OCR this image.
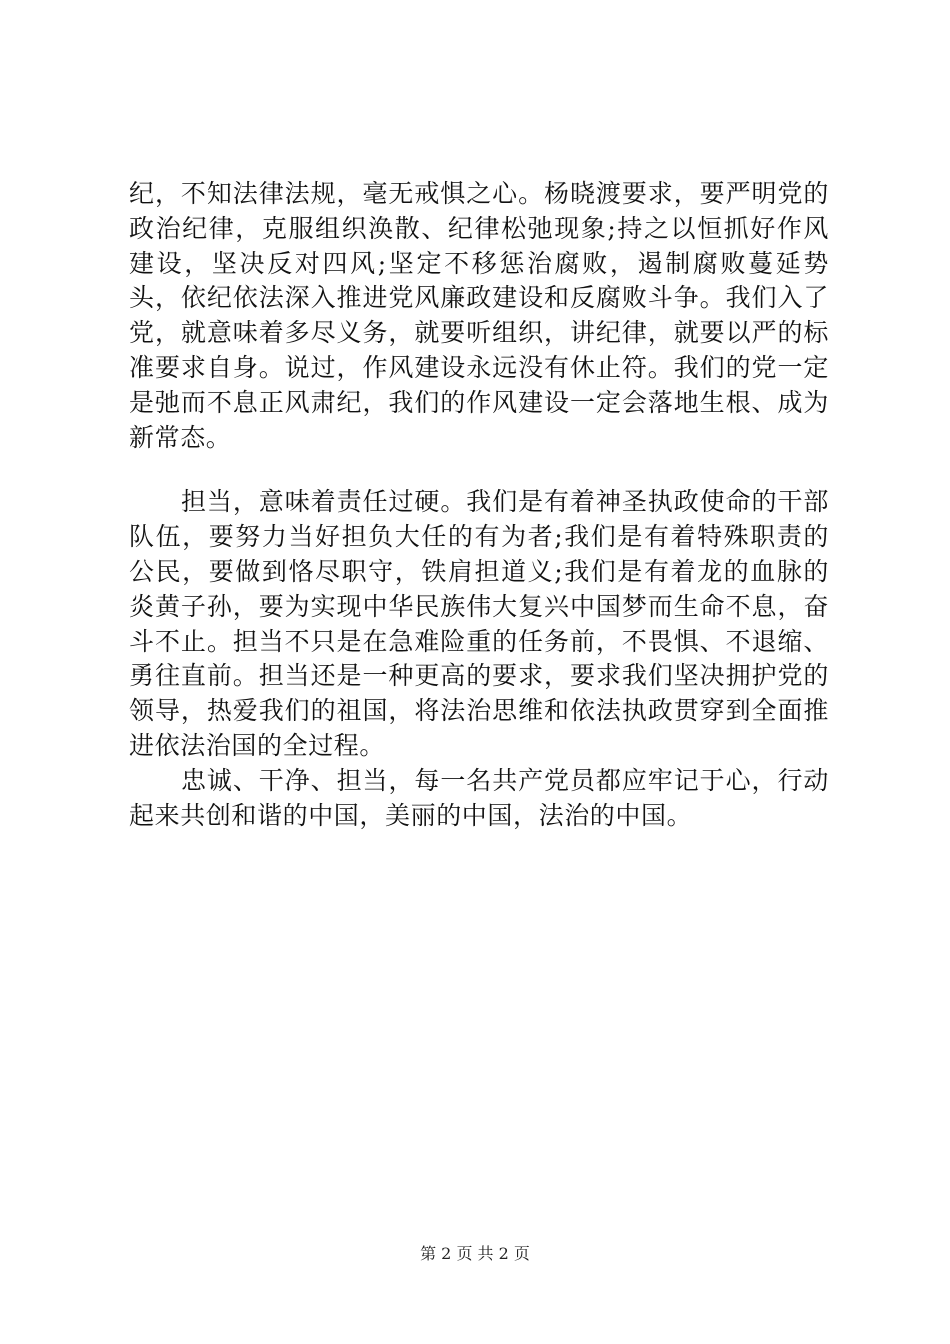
纪，不知法律法规，毫无戒惧之心。杨晓渡要求，要严明党的政治纪律，克服组织涣散、纪律松弛现象;持之以恒抓好作风建设，坚决反对四风;坚定不移惩治腐败，遏制腐败蔓延势头，依纪依法深入推进党风廉政建设和反腐败斗争。我们入了党，就意味着多尽义务，就要听组织，讲纪律，就要以严的标准要求自身。说过，作风建设永远没有休止符。我们的党一定是弛而不息正风肃纪，我们的作风建设一定会落地生根、成为新常态。

担当，意味着责任过硬。我们是有着神圣执政使命的干部队伍，要努力当好担负大任的有为者;我们是有着特殊职责的公民，要做到恪尽职守，铁肩担道义;我们是有着龙的血脉的炎黄子孙，要为实现中华民族伟大复兴中国梦而生命不息，奋斗不止。担当不只是在急难险重的任务前，不畏惧、不退缩、勇往直前。担当还是一种更高的要求，要求我们坚决拥护党的领导，热爱我们的祖国，将法治思维和依法执政贯穿到全面推进依法治国的全过程。

忠诚、干净、担当，每一名共产党员都应牢记于心，行动起来共创和谐的中国，美丽的中国，法治的中国。

第 2 页 共 2 页
